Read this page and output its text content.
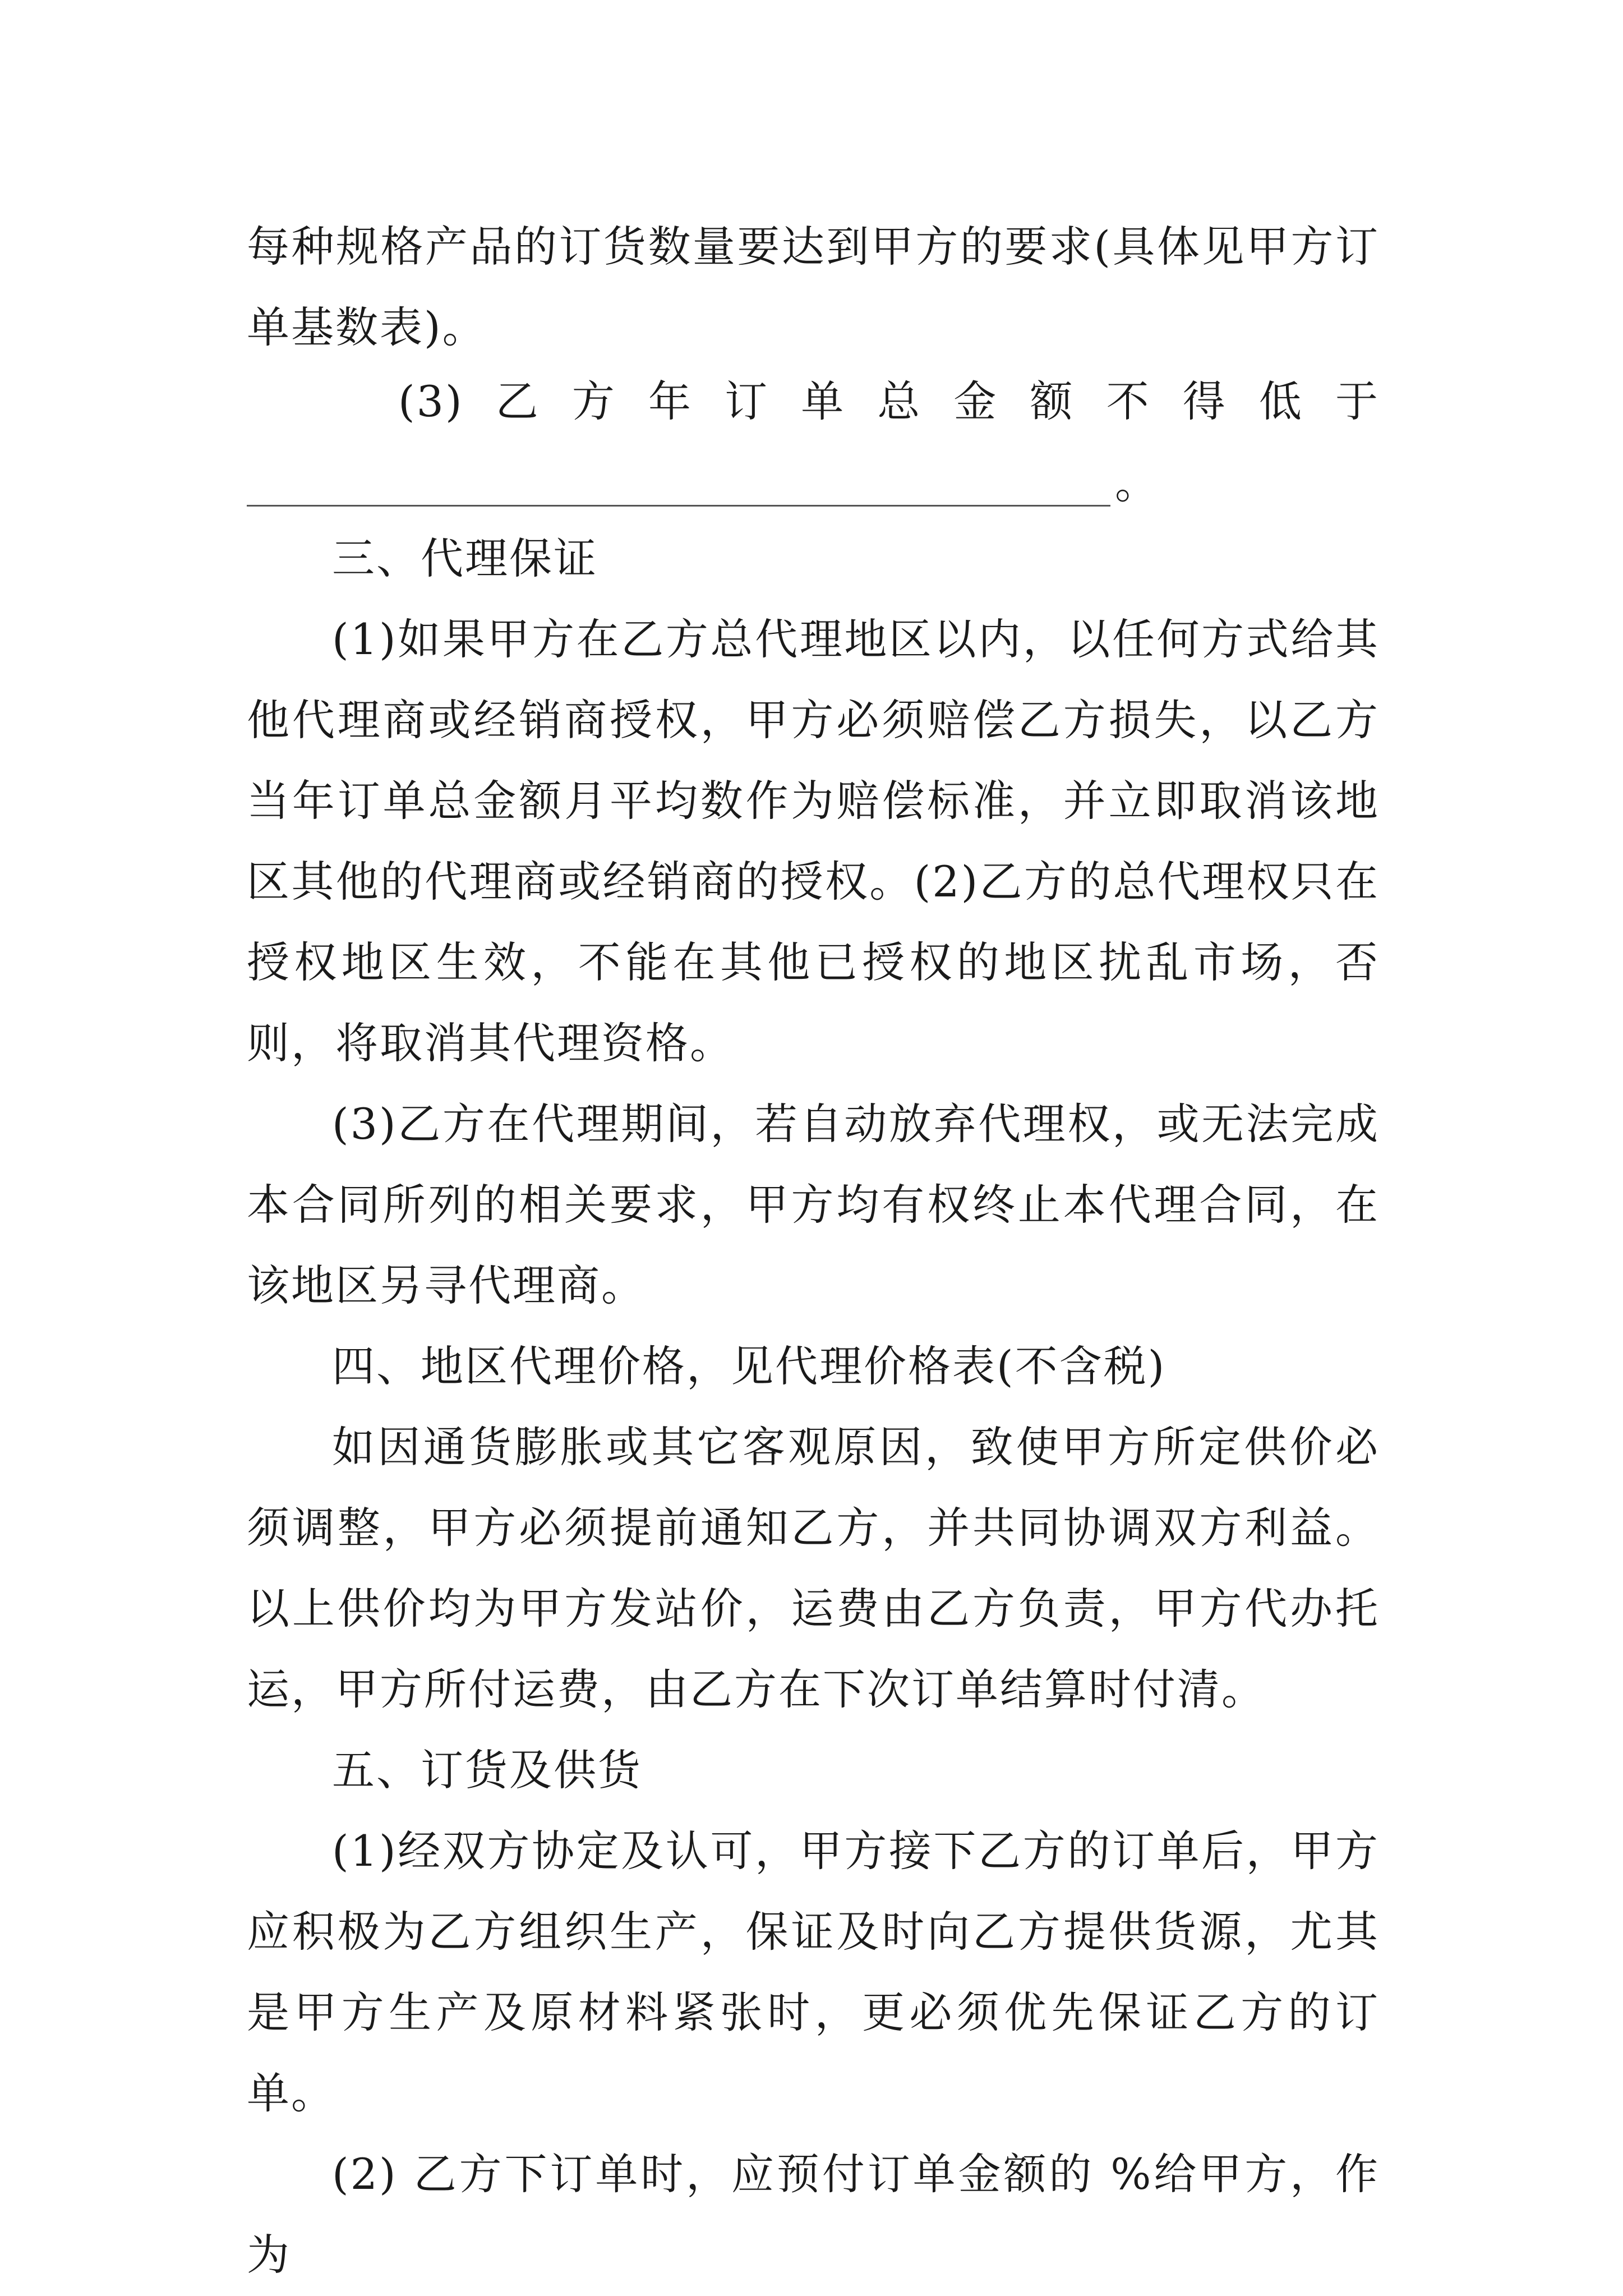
每种规格产品的订货数量要达到甲方的要求(具体见甲方订单基数表)。

(3) 乙 方 年 订 单 总 金 额 不 得 低 于

。

三、代理保证

(1)如果甲方在乙方总代理地区以内，以任何方式给其他代理商或经销商授权，甲方必须赔偿乙方损失，以乙方当年订单总金额月平均数作为赔偿标准，并立即取消该地区其他的代理商或经销商的授权。(2)乙方的总代理权只在授权地区生效，不能在其他已授权的地区扰乱市场，否则，将取消其代理资格。

(3)乙方在代理期间，若自动放弃代理权，或无法完成本合同所列的相关要求，甲方均有权终止本代理合同，在该地区另寻代理商。

四、地区代理价格，见代理价格表(不含税)

如因通货膨胀或其它客观原因，致使甲方所定供价必须调整，甲方必须提前通知乙方，并共同协调双方利益。以上供价均为甲方发站价，运费由乙方负责，甲方代办托运，甲方所付运费，由乙方在下次订单结算时付清。

五、订货及供货

(1)经双方协定及认可，甲方接下乙方的订单后，甲方应积极为乙方组织生产，保证及时向乙方提供货源，尤其是甲方生产及原材料紧张时，更必须优先保证乙方的订单。

(2) 乙方下订单时，应预付订单金额的 %给甲方，作为
